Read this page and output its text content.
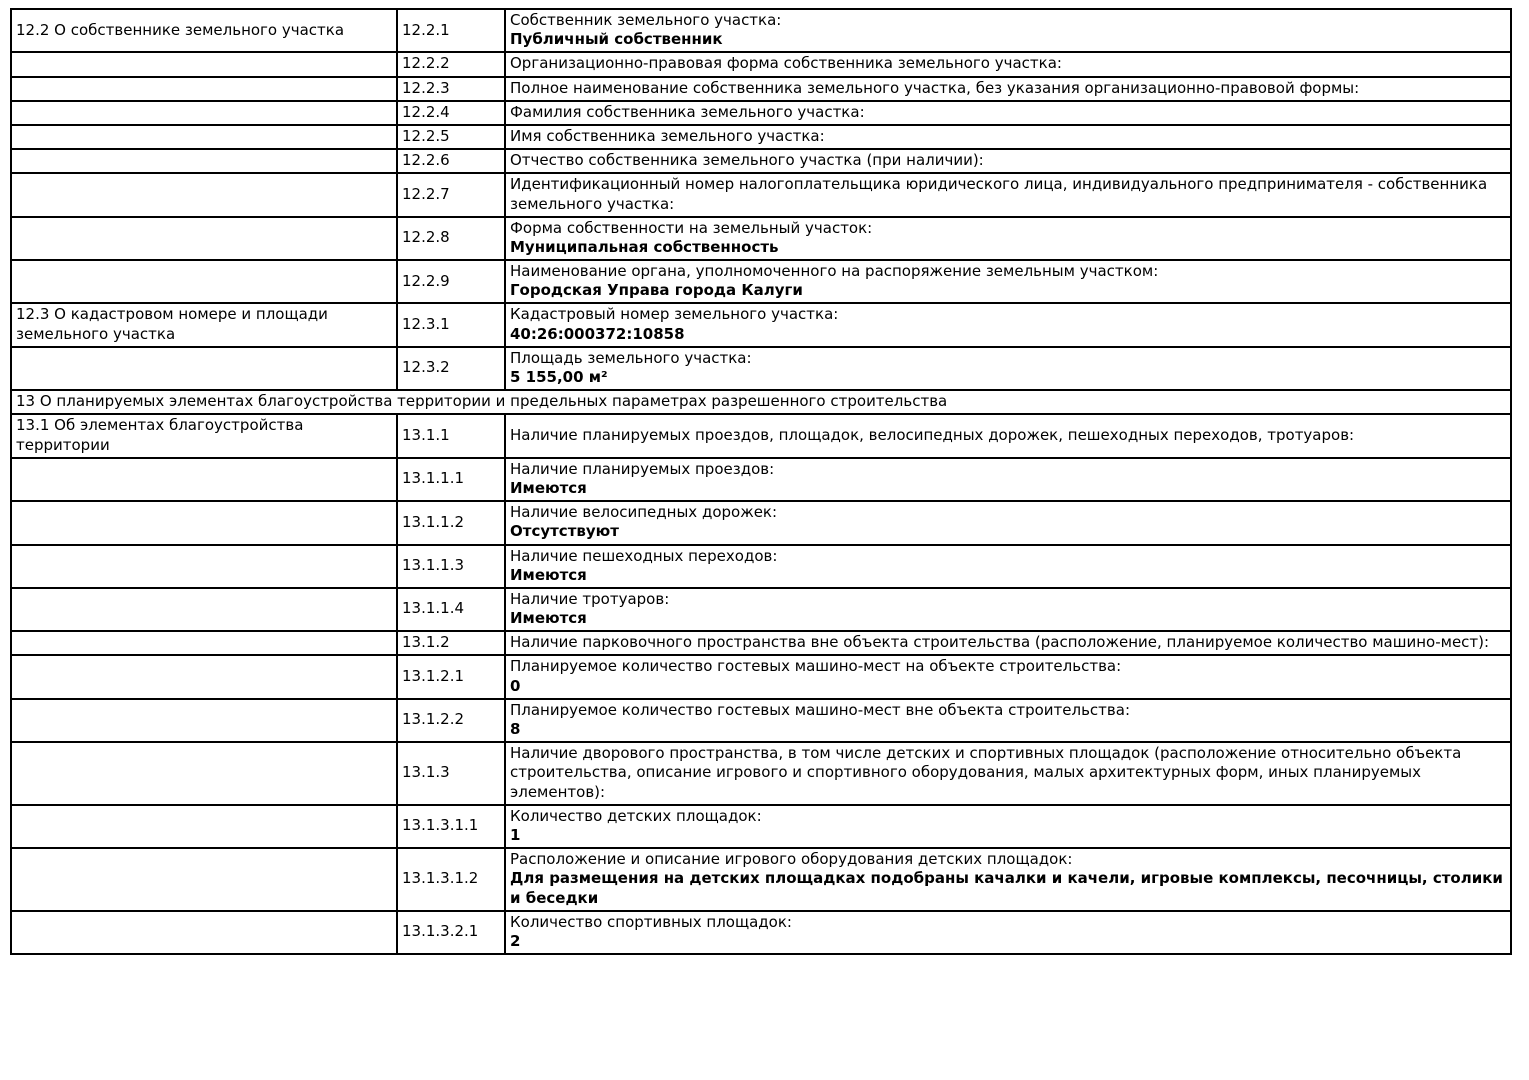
12.2 О собственнике земельного участка	12.2.1	Собственник земельного участка:
Публичный собственник

	12.2.2	Организационно-правовая форма собственника земельного участка:

	12.2.3	Полное наименование собственника земельного участка, без указания организационно-правовой формы:

	12.2.4	Фамилия собственника земельного участка:

	12.2.5	Имя собственника земельного участка:

	12.2.6	Отчество собственника земельного участка (при наличии):

	12.2.7	Идентификационный номер налогоплательщика юридического лица, индивидуального предпринимателя - собственника земельного участка:

	12.2.8	Форма собственности на земельный участок:
Муниципальная собственность

	12.2.9	Наименование органа, уполномоченного на распоряжение земельным участком:
Городская Управа города Калуги

12.3 О кадастровом номере и площади земельного участка	12.3.1	Кадастровый номер земельного участка:
40:26:000372:10858

	12.3.2	Площадь земельного участка:
5 155,00 м²

13 О планируемых элементах благоустройства территории и предельных параметрах разрешенного строительства		
13.1 Об элементах благоустройства территории	13.1.1	Наличие планируемых проездов, площадок, велосипедных дорожек, пешеходных переходов, тротуаров:

	13.1.1.1	Наличие планируемых проездов:
Имеются

	13.1.1.2	Наличие велосипедных дорожек:
Отсутствуют

	13.1.1.3	Наличие пешеходных переходов:
Имеются

	13.1.1.4	Наличие тротуаров:
Имеются

	13.1.2	Наличие парковочного пространства вне объекта строительства (расположение, планируемое количество машино-мест):

	13.1.2.1	Планируемое количество гостевых машино-мест на объекте строительства:
0

	13.1.2.2	Планируемое количество гостевых машино-мест вне объекта строительства:
8

	13.1.3	Наличие дворового пространства, в том числе детских и спортивных площадок (расположение относительно объекта строительства, описание игрового и спортивного оборудования, малых архитектурных форм, иных планируемых элементов):

	13.1.3.1.1	Количество детских площадок:
1

	13.1.3.1.2	Расположение и описание игрового оборудования детских площадок:
Для размещения на детских площадках подобраны качалки и качели, игровые комплексы, песочницы, столики и беседки

	13.1.3.2.1	Количество спортивных площадок:
2
